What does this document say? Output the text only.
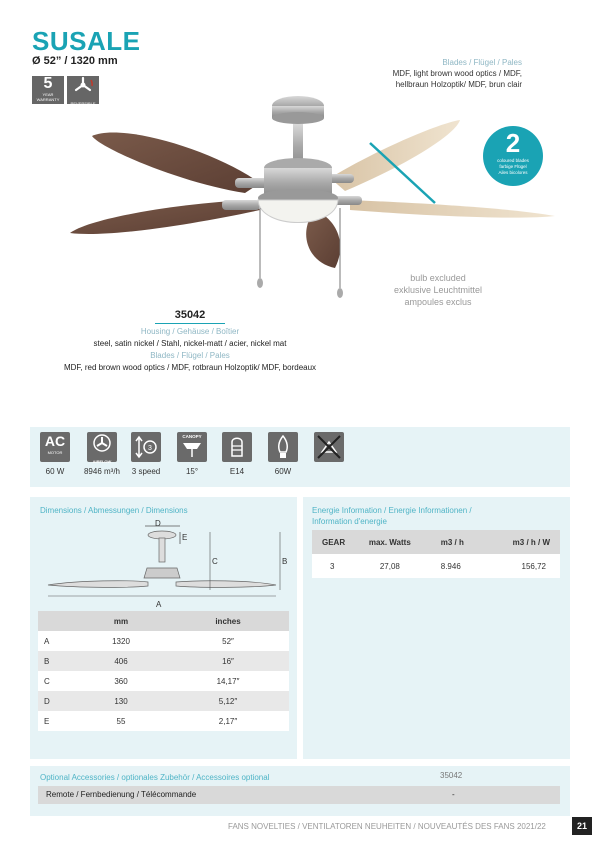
SUSALE
Ø 52” / 1320 mm
5
YEAR WARRANTY
REVERSIBLE
Blades / Flügel / Pales
MDF, light brown wood optics / MDF,
hellbraun Holzoptik/ MDF, brun clair
2
coloured blades
farbige Flügel
Ailes bicolores
bulb excluded
exklusive Leuchtmittel
ampoules exclus
35042
Housing / Gehäuse / Boîtier
steel, satin nickel / Stahl, nickel-matt / acier, nickel mat
Blades / Flügel / Pales
MDF, red brown wood optics / MDF, rotbraun Holzoptik/ MDF, bordeaux
AC
MOTOR
AIRFLOW
3
CANOPY
60 W	8946 m³/h	3 speed	15°	E14	60W
Dimensions / Abmessungen / Dimensions
D
E
C	B
A
	mm	inches
A	1320	52″
B	406	16″
C	360	14,17″
D	130	5,12″
E	55	2,17″
Energie Information / Energie Informationen /
Information d'energie
GEAR	max. Watts	m3 / h	m3 / h / W
3	27,08	8.946	156,72
Optional Accessories / optionales Zubehör / Accessoires optional	35042
Remote / Fernbedienung / Télécommande	-
FANS NOVELTIES / VENTILATOREN NEUHEITEN / NOUVEAUTÉS DES FANS 2021/22	21
